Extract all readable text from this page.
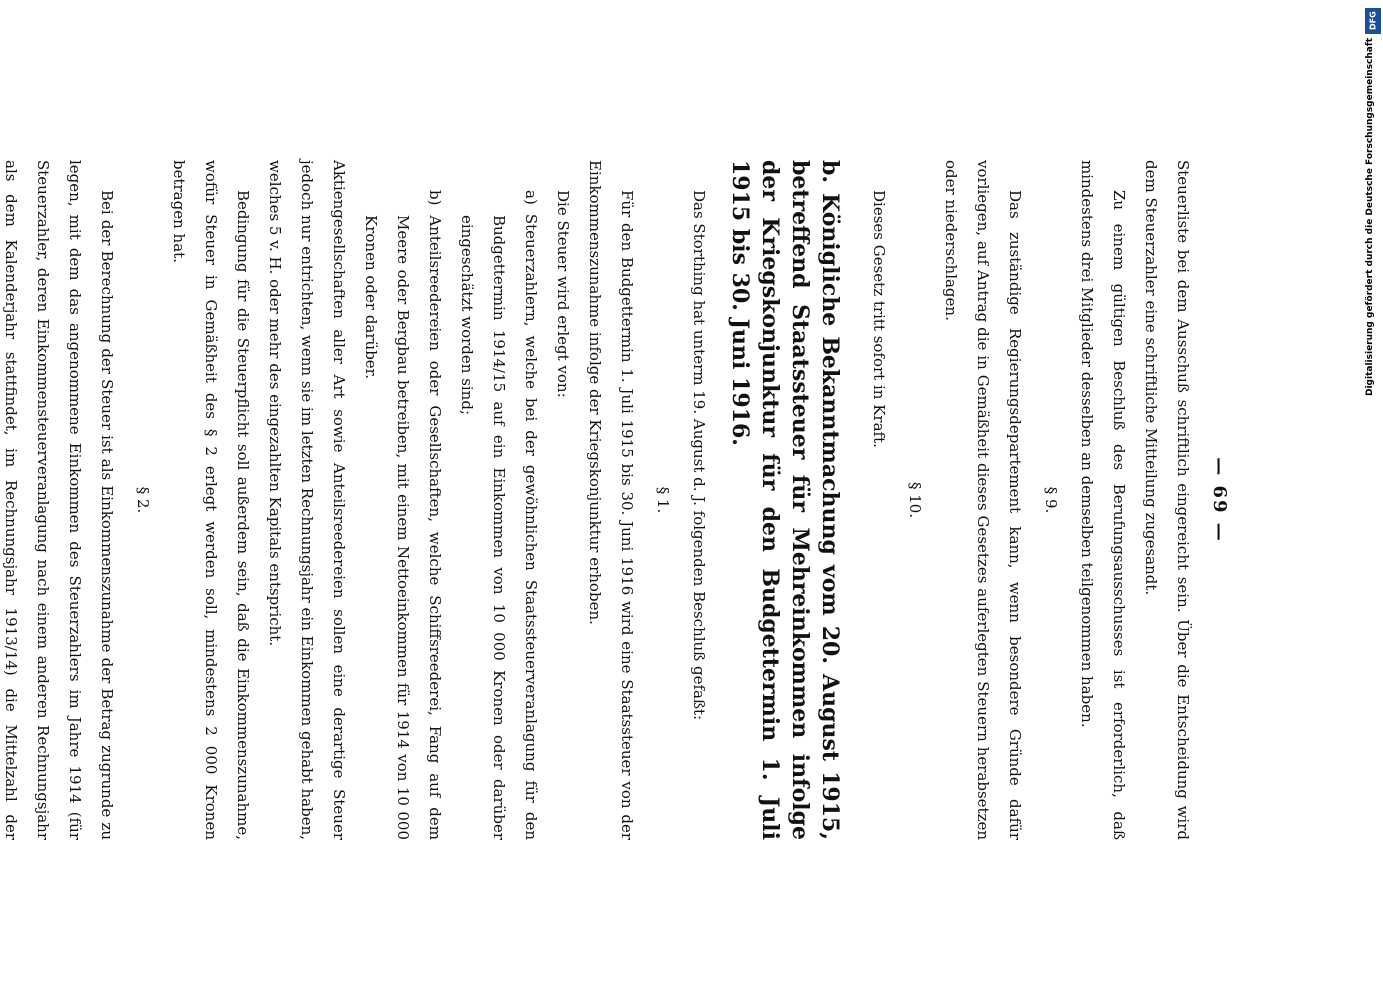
— 69 —

Steuerliste bei dem Ausschuß schriftlich eingereicht sein. Über die Entscheidung wird dem Steuerzahler eine schriftliche Mitteilung zugesandt.

Zu einem gültigen Beschluß des Berufungsausschusses ist erforderlich, daß mindestens drei Mitglieder desselben an demselben teilgenommen haben.

§ 9.

Das zuständige Regierungsdepartement kann, wenn besondere Gründe dafür vorliegen, auf Antrag die in Gemäßheit dieses Gesetzes auferlegten Steuern herabsetzen oder niederschlagen.

§ 10.

Dieses Gesetz tritt sofort in Kraft.

b. Königliche Bekanntmachung vom 20. August 1915, betreffend Staatssteuer für Mehreinkommen infolge der Kriegskonjunktur für den Budgettermin 1. Juli 1915 bis 30. Juni 1916.

Das Storthing hat unterm 19. August d. J. folgenden Beschluß gefaßt:

§ 1.

Für den Budgettermin 1. Juli 1915 bis 30. Juni 1916 wird eine Staatssteuer von der Einkommenszunahme infolge der Kriegskonjunktur erhoben.

Die Steuer wird erlegt von:

a) Steuerzahlern, welche bei der gewöhnlichen Staatssteuerveranlagung für den Budgettermin 1914/15 auf ein Einkommen von 10 000 Kronen oder darüber eingeschätzt worden sind;

b) Anteilsreedereien oder Gesellschaften, welche Schiffsreederei, Fang auf dem Meere oder Bergbau betreiben, mit einem Nettoeinkommen für 1914 von 10 000 Kronen oder darüber.

Aktiengesellschaften aller Art sowie Anteilsreedereien sollen eine derartige Steuer jedoch nur entrichten, wenn sie im letzten Rechnungsjahr ein Einkommen gehabt haben, welches 5 v. H. oder mehr des eingezahlten Kapitals entspricht.

Bedingung für die Steuerpflicht soll außerdem sein, daß die Einkommenszunahme, wofür Steuer in Gemäßheit des § 2 erlegt werden soll, mindestens 2 000 Kronen betragen hat.

§ 2.

Bei der Berechnung der Steuer ist als Einkommenszunahme der Betrag zugrunde zu legen, mit dem das angenommene Einkommen des Steuerzahlers im Jahre 1914 (für Steuerzahler, deren Einkommensteuerveranlagung nach einem anderen Rechnungsjahr als dem Kalenderjahr stattfindet, im Rechnungsjahr 1913/14) die Mittelzahl der

DFG
Digitalisierung gefördert durch die Deutsche Forschungsgemeinschaft
